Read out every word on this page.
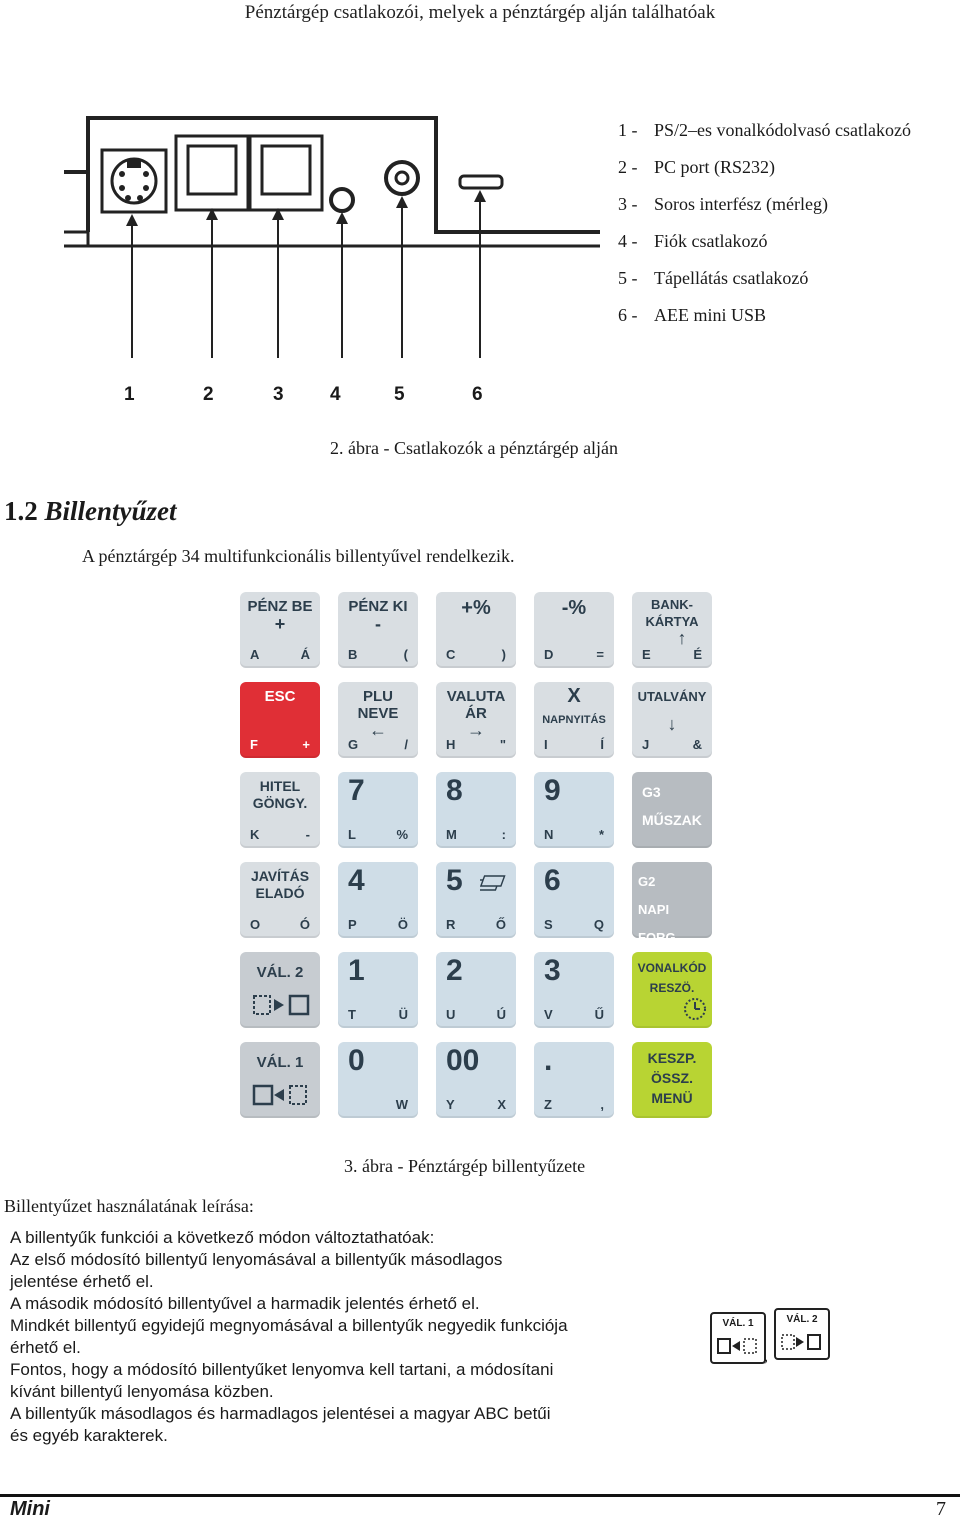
Pénztárgép csatlakozói, melyek a pénztárgép alján találhatóak
1 - PS/2–es vonalkódolvasó csatlakozó
2 - PC port (RS232)
3 - Soros interfész (mérleg)
4 - Fiók csatlakozó
5 - Tápellátás csatlakozó
6 - AEE mini USB
1	2	3 4	5	6
2. ábra - Csatlakozók a pénztárgép alján
1.2 Billentyűzet
A pénztárgép 34 multifunkcionális billentyűvel rendelkezik.
PÉNZ BE
+
A	Á
PÉNZ KI
-
B	(
+%
C	)
-%
D	=
BANK-
KÁRTYA
↑
E	É
ESC
F	+
PLU
NEVE
←
G	/
VALUTA
ÁR
→
H	"
X
NAPNYITÁS
I	Í
UTALVÁNY
↓
J	&
HITEL
GÖNGY.
K	-
7
L	%
8
M	:
9
N	*
G3
MŰSZAK
JAVÍTÁS
ELADÓ
O	Ó
4
P	Ö
5
R	Ő
6
S	Q
G2
NAPI FORG.
VÁL. 2	1
T	Ü
2
U	Ú
3
V	Ű
VONALKÓD
RESZÖ.
VÁL. 1	0
W
00
Y	X
.
Z	,
KESZP.
ÖSSZ.
MENÜ
3. ábra - Pénztárgép billentyűzete
Billentyűzet használatának leírása:

A billentyűk funkciói a következő módon változtathatóak:

Az első módosító billentyű lenyomásával a billentyűk másodlagos jelentése érhető el.

A második módosító billentyűvel a harmadik jelentés érhető el.

Mindkét billentyű egyidejű megnyomásával a billentyűk negyedik funkciója érhető el.

Fontos, hogy a módosító billentyűket lenyomva kell tartani, a módosítani kívánt billentyű lenyomása közben.

A billentyűk másodlagos és harmadlagos jelentései a magyar ABC betűi és egyéb karakterek.

VÁL. 1
,
VÁL. 2
Mini	7
